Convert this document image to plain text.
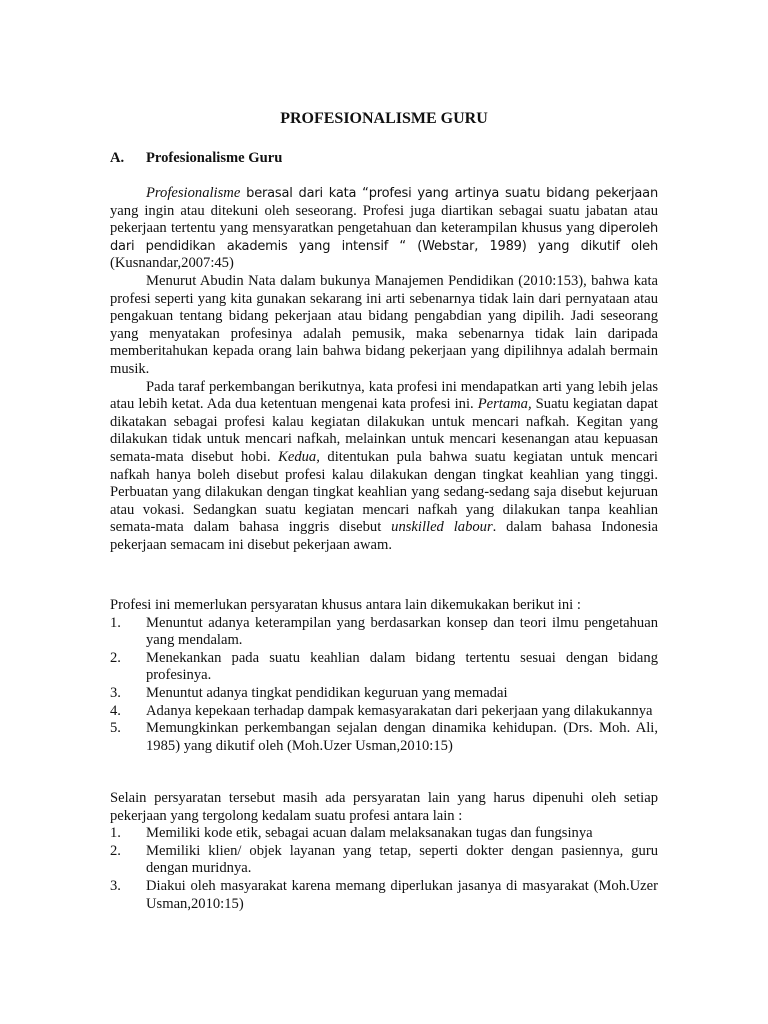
PROFESIONALISME GURU
A. Profesionalisme Guru

Profesionalisme berasal dari kata “profesi yang artinya suatu bidang pekerjaan yang ingin atau ditekuni oleh seseorang. Profesi juga diartikan sebagai suatu jabatan atau pekerjaan tertentu yang mensyaratkan pengetahuan dan keterampilan khusus yang diperoleh dari pendidikan akademis yang intensif “ (Webstar, 1989) yang dikutif oleh (Kusnandar,2007:45)

Menurut Abudin Nata dalam bukunya Manajemen Pendidikan (2010:153), bahwa kata profesi seperti yang kita gunakan sekarang ini arti sebenarnya tidak lain dari pernyataan atau pengakuan tentang bidang pekerjaan atau bidang pengabdian yang dipilih. Jadi seseorang yang menyatakan profesinya adalah pemusik, maka sebenarnya tidak lain daripada memberitahukan kepada orang lain bahwa bidang pekerjaan yang dipilihnya adalah bermain musik.

Pada taraf perkembangan berikutnya, kata profesi ini mendapatkan arti yang lebih jelas atau lebih ketat. Ada dua ketentuan mengenai kata profesi ini. Pertama, Suatu kegiatan dapat dikatakan sebagai profesi kalau kegiatan dilakukan untuk mencari nafkah. Kegitan yang dilakukan tidak untuk mencari nafkah, melainkan untuk mencari kesenangan atau kepuasan semata-mata disebut hobi. Kedua, ditentukan pula bahwa suatu kegiatan untuk mencari nafkah hanya boleh disebut profesi kalau dilakukan dengan tingkat keahlian yang tinggi. Perbuatan yang dilakukan dengan tingkat keahlian yang sedang-sedang saja disebut kejuruan atau vokasi. Sedangkan suatu kegiatan mencari nafkah yang dilakukan tanpa keahlian semata-mata dalam bahasa inggris disebut unskilled labour. dalam bahasa Indonesia pekerjaan semacam ini disebut pekerjaan awam.

Profesi ini memerlukan persyaratan khusus antara lain dikemukakan berikut ini :

1.	Menuntut adanya keterampilan yang berdasarkan konsep dan teori ilmu pengetahuan yang mendalam.
2.	Menekankan pada suatu keahlian dalam bidang tertentu sesuai dengan bidang profesinya.
3.	Menuntut adanya tingkat pendidikan keguruan yang memadai
4.	Adanya kepekaan terhadap dampak kemasyarakatan dari pekerjaan yang dilakukannya
5.	Memungkinkan perkembangan sejalan dengan dinamika kehidupan. (Drs. Moh. Ali, 1985) yang dikutif oleh (Moh.Uzer Usman,2010:15)

Selain persyaratan tersebut masih ada persyaratan lain yang harus dipenuhi oleh setiap pekerjaan yang tergolong kedalam suatu profesi antara lain :

1.	Memiliki kode etik, sebagai acuan dalam melaksanakan tugas dan fungsinya
2.	Memiliki klien/ objek layanan yang tetap, seperti dokter dengan pasiennya, guru dengan muridnya.
3.	Diakui oleh masyarakat karena memang diperlukan jasanya di masyarakat (Moh.Uzer Usman,2010:15)
